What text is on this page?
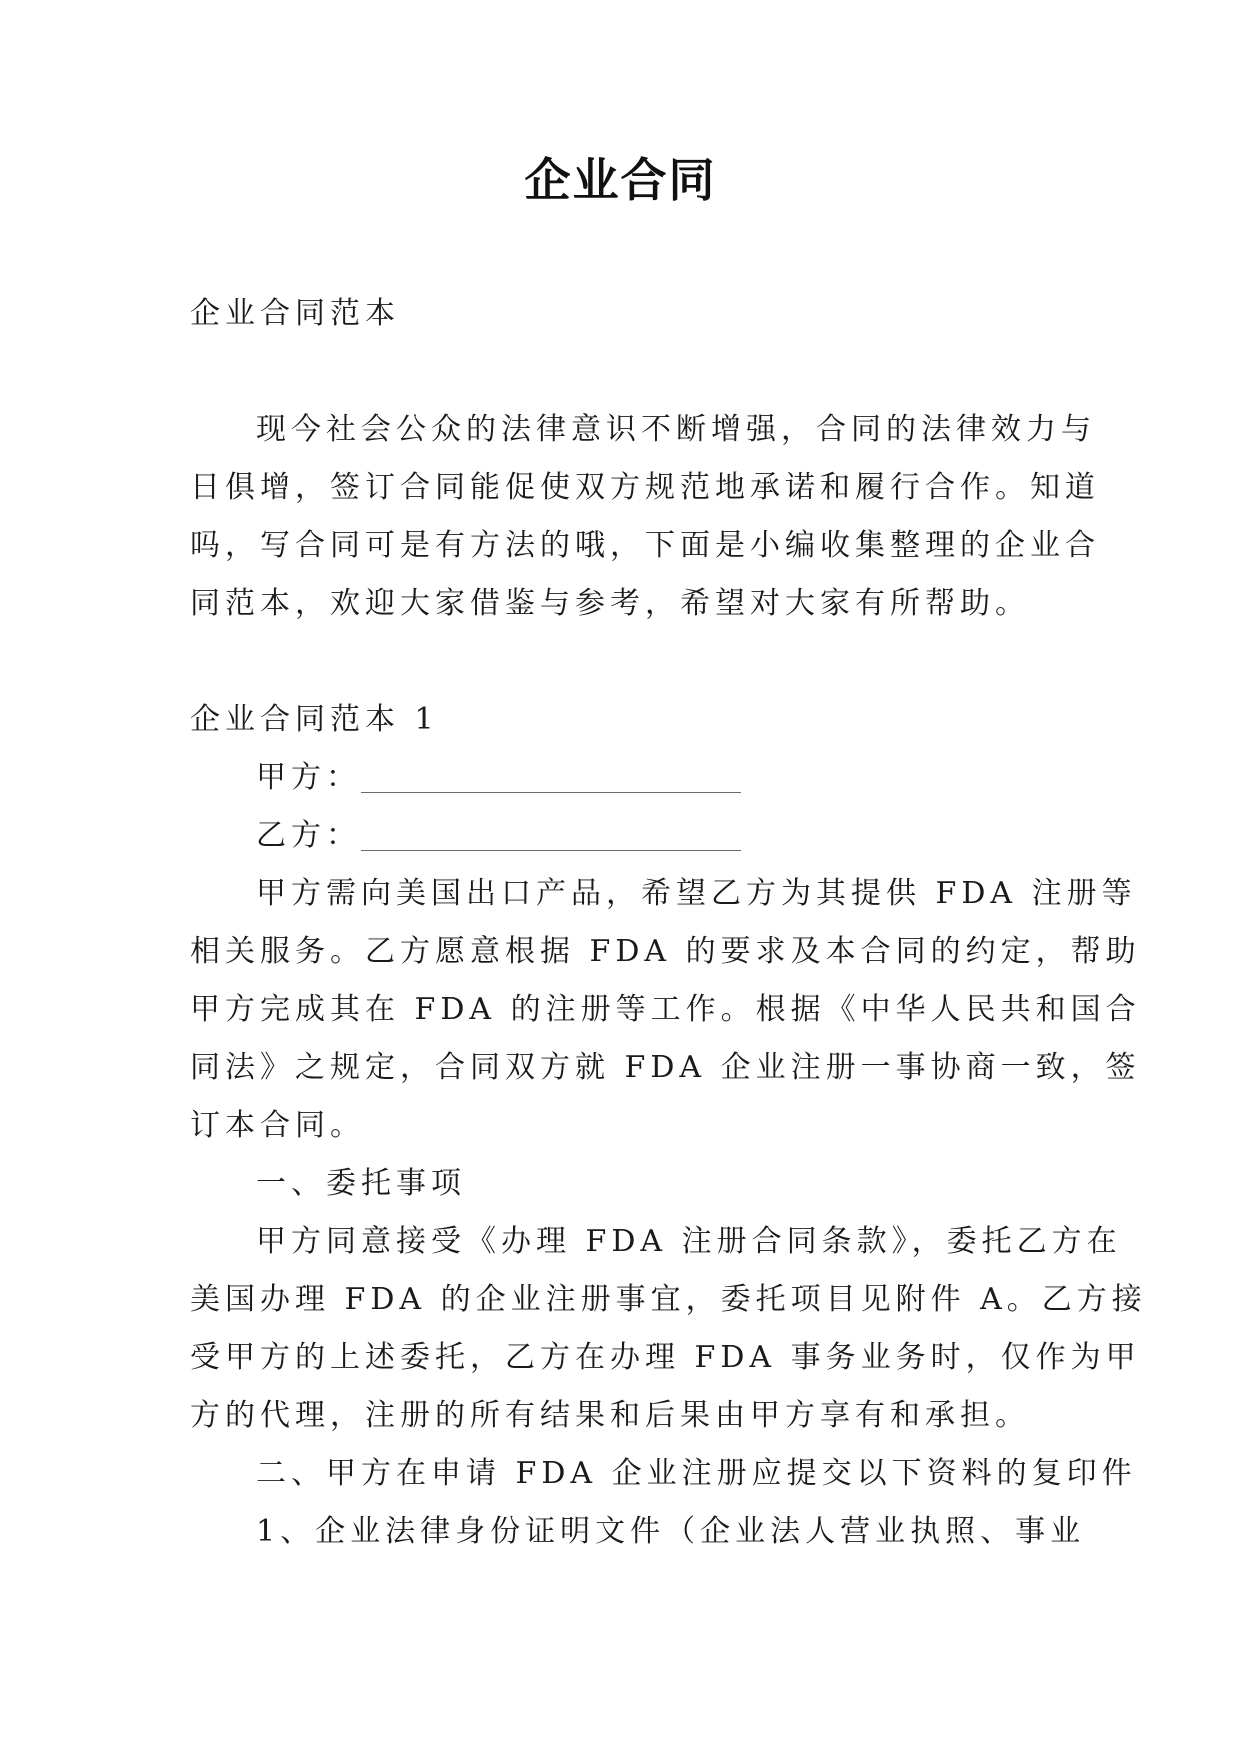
企业合同
企业合同范本
现今社会公众的法律意识不断增强，合同的法律效力与
日俱增，签订合同能促使双方规范地承诺和履行合作。知道
吗，写合同可是有方法的哦，下面是小编收集整理的企业合
同范本，欢迎大家借鉴与参考，希望对大家有所帮助。
企业合同范本 1
甲方：
乙方：
甲方需向美国出口产品，希望乙方为其提供 FDA 注册等
相关服务。乙方愿意根据 FDA 的要求及本合同的约定，帮助
甲方完成其在 FDA 的注册等工作。根据《中华人民共和国合
同法》之规定，合同双方就 FDA 企业注册一事协商一致，签
订本合同。
一、委托事项
甲方同意接受《办理 FDA 注册合同条款》，委托乙方在
美国办理 FDA 的企业注册事宜，委托项目见附件 A。乙方接
受甲方的上述委托，乙方在办理 FDA 事务业务时，仅作为甲
方的代理，注册的所有结果和后果由甲方享有和承担。
二、甲方在申请 FDA 企业注册应提交以下资料的复印件
1、企业法律身份证明文件（企业法人营业执照、事业
